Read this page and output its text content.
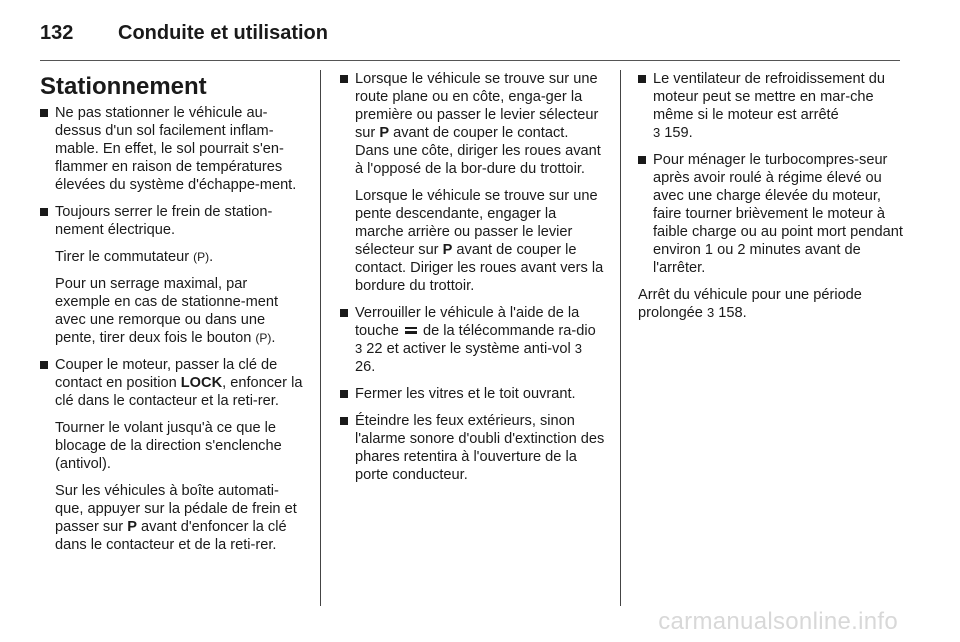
132	Conduite et utilisation
Stationnement

Ne pas stationner le véhicule au-dessus d'un sol facilement inflam-mable. En effet, le sol pourrait s'en-flammer en raison de températures élevées du système d'échappe-ment.

Toujours serrer le frein de station-nement électrique.

Tirer le commutateur (P).

Pour un serrage maximal, par exemple en cas de stationne-ment avec une remorque ou dans une pente, tirer deux fois le bouton (P).

Couper le moteur, passer la clé de contact en position LOCK, enfoncer la clé dans le contacteur et la reti-rer.

Tourner le volant jusqu'à ce que le blocage de la direction s'enclenche (antivol).

Sur les véhicules à boîte automati-que, appuyer sur la pédale de frein et passer sur P avant d'enfoncer la clé dans le contacteur et de la reti-rer.

Lorsque le véhicule se trouve sur une route plane ou en côte, enga-ger la première ou passer le levier sélecteur sur P avant de couper le contact. Dans une côte, diriger les roues avant à l'opposé de la bor-dure du trottoir.

Lorsque le véhicule se trouve sur une pente descendante, engager la marche arrière ou passer le levier sélecteur sur P avant de couper le contact. Diriger les roues avant vers la bordure du trottoir.

Verrouiller le véhicule à l'aide de la touche de la télécommande ra-dio 3 22 et activer le système anti-vol 3 26.

Fermer les vitres et le toit ouvrant.

Éteindre les feux extérieurs, sinon l'alarme sonore d'oubli d'extinction des phares retentira à l'ouverture de la porte conducteur.

Le ventilateur de refroidissement du moteur peut se mettre en mar-che même si le moteur est arrêté
3 159.

Pour ménager le turbocompres-seur après avoir roulé à régime élevé ou avec une charge élevée du moteur, faire tourner brièvement le moteur à faible charge ou au point mort pendant environ 1 ou 2 minutes avant de l'arrêter.

Arrêt du véhicule pour une période prolongée 3 158.

carmanualsonline.info
